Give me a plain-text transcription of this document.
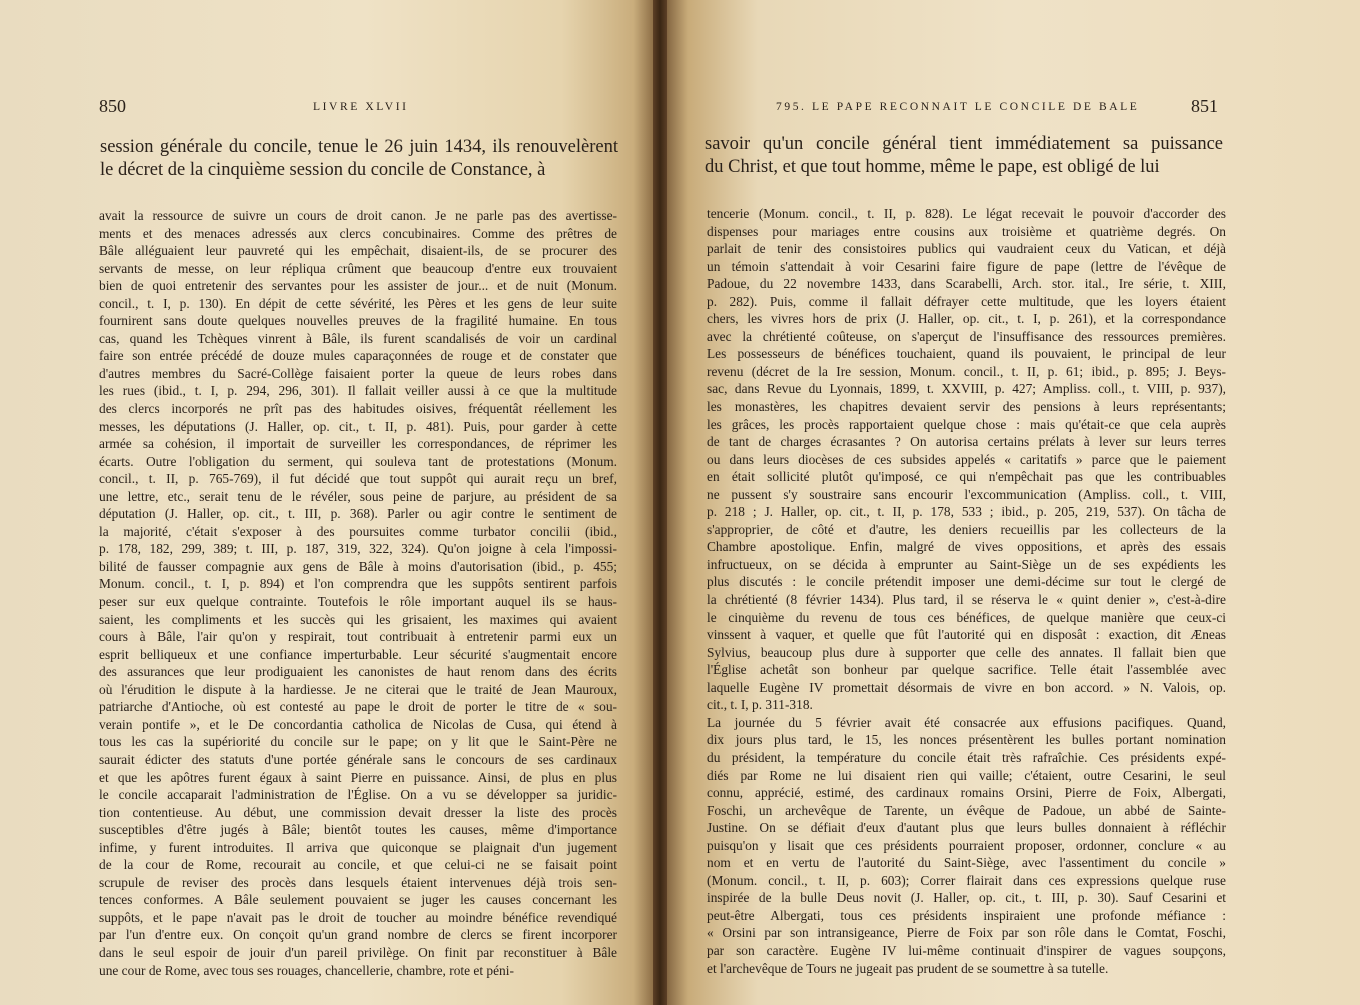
850	LIVRE XLVII
session générale du concile, tenue le 26 juin 1434, ils renouvelèrent
le décret de la cinquième session du concile de Constance, à
avait la ressource de suivre un cours de droit canon. Je ne parle pas des avertisse-
ments et des menaces adressés aux clercs concubinaires. Comme des prêtres de
Bâle alléguaient leur pauvreté qui les empêchait, disaient-ils, de se procurer des
servants de messe, on leur répliqua crûment que beaucoup d'entre eux trouvaient
bien de quoi entretenir des servantes pour les assister de jour... et de nuit (Monum.
concil., t. I, p. 130). En dépit de cette sévérité, les Pères et les gens de leur suite
fournirent sans doute quelques nouvelles preuves de la fragilité humaine. En tous
cas, quand les Tchèques vinrent à Bâle, ils furent scandalisés de voir un cardinal
faire son entrée précédé de douze mules caparaçonnées de rouge et de constater que
d'autres membres du Sacré-Collège faisaient porter la queue de leurs robes dans
les rues (ibid., t. I, p. 294, 296, 301). Il fallait veiller aussi à ce que la multitude
des clercs incorporés ne prît pas des habitudes oisives, fréquentât réellement les
messes, les députations (J. Haller, op. cit., t. II, p. 481). Puis, pour garder à cette
armée sa cohésion, il importait de surveiller les correspondances, de réprimer les
écarts. Outre l'obligation du serment, qui souleva tant de protestations (Monum.
concil., t. II, p. 765-769), il fut décidé que tout suppôt qui aurait reçu un bref,
une lettre, etc., serait tenu de le révéler, sous peine de parjure, au président de sa
députation (J. Haller, op. cit., t. III, p. 368). Parler ou agir contre le sentiment de
la majorité, c'était s'exposer à des poursuites comme turbator concilii (ibid.,
p. 178, 182, 299, 389; t. III, p. 187, 319, 322, 324). Qu'on joigne à cela l'impossi-
bilité de fausser compagnie aux gens de Bâle à moins d'autorisation (ibid., p. 455;
Monum. concil., t. I, p. 894) et l'on comprendra que les suppôts sentirent parfois
peser sur eux quelque contrainte. Toutefois le rôle important auquel ils se haus-
saient, les compliments et les succès qui les grisaient, les maximes qui avaient
cours à Bâle, l'air qu'on y respirait, tout contribuait à entretenir parmi eux un
esprit belliqueux et une confiance imperturbable. Leur sécurité s'augmentait encore
des assurances que leur prodiguaient les canonistes de haut renom dans des écrits
où l'érudition le dispute à la hardiesse. Je ne citerai que le traité de Jean Mauroux,
patriarche d'Antioche, où est contesté au pape le droit de porter le titre de « sou-
verain pontife », et le De concordantia catholica de Nicolas de Cusa, qui étend à
tous les cas la supériorité du concile sur le pape; on y lit que le Saint-Père ne
saurait édicter des statuts d'une portée générale sans le concours de ses cardinaux
et que les apôtres furent égaux à saint Pierre en puissance. Ainsi, de plus en plus
le concile accaparait l'administration de l'Église. On a vu se développer sa juridic-
tion contentieuse. Au début, une commission devait dresser la liste des procès
susceptibles d'être jugés à Bâle; bientôt toutes les causes, même d'importance
infime, y furent introduites. Il arriva que quiconque se plaignait d'un jugement
de la cour de Rome, recourait au concile, et que celui-ci ne se faisait point
scrupule de reviser des procès dans lesquels étaient intervenues déjà trois sen-
tences conformes. A Bâle seulement pouvaient se juger les causes concernant les
suppôts, et le pape n'avait pas le droit de toucher au moindre bénéfice revendiqué
par l'un d'entre eux. On conçoit qu'un grand nombre de clercs se firent incorporer
dans le seul espoir de jouir d'un pareil privilège. On finit par reconstituer à Bâle
une cour de Rome, avec tous ses rouages, chancellerie, chambre, rote et péni-
795. LE PAPE RECONNAIT LE CONCILE DE BALE	851
savoir qu'un concile général tient immédiatement sa puissance
du Christ, et que tout homme, même le pape, est obligé de lui
tencerie (Monum. concil., t. II, p. 828). Le légat recevait le pouvoir d'accorder des
dispenses pour mariages entre cousins aux troisième et quatrième degrés. On
parlait de tenir des consistoires publics qui vaudraient ceux du Vatican, et déjà
un témoin s'attendait à voir Cesarini faire figure de pape (lettre de l'évêque de
Padoue, du 22 novembre 1433, dans Scarabelli, Arch. stor. ital., Ire série, t. XIII,
p. 282). Puis, comme il fallait défrayer cette multitude, que les loyers étaient
chers, les vivres hors de prix (J. Haller, op. cit., t. I, p. 261), et la correspondance
avec la chrétienté coûteuse, on s'aperçut de l'insuffisance des ressources premières.
Les possesseurs de bénéfices touchaient, quand ils pouvaient, le principal de leur
revenu (décret de la Ire session, Monum. concil., t. II, p. 61; ibid., p. 895; J. Beys-
sac, dans Revue du Lyonnais, 1899, t. XXVIII, p. 427; Ampliss. coll., t. VIII, p. 937),
les monastères, les chapitres devaient servir des pensions à leurs représentants;
les grâces, les procès rapportaient quelque chose : mais qu'était-ce que cela auprès
de tant de charges écrasantes ? On autorisa certains prélats à lever sur leurs terres
ou dans leurs diocèses de ces subsides appelés « caritatifs » parce que le paiement
en était sollicité plutôt qu'imposé, ce qui n'empêchait pas que les contribuables
ne pussent s'y soustraire sans encourir l'excommunication (Ampliss. coll., t. VIII,
p. 218 ; J. Haller, op. cit., t. II, p. 178, 533 ; ibid., p. 205, 219, 537). On tâcha de
s'approprier, de côté et d'autre, les deniers recueillis par les collecteurs de la
Chambre apostolique. Enfin, malgré de vives oppositions, et après des essais
infructueux, on se décida à emprunter au Saint-Siège un de ses expédients les
plus discutés : le concile prétendit imposer une demi-décime sur tout le clergé de
la chrétienté (8 février 1434). Plus tard, il se réserva le « quint denier », c'est-à-dire
le cinquième du revenu de tous ces bénéfices, de quelque manière que ceux-ci
vinssent à vaquer, et quelle que fût l'autorité qui en disposât : exaction, dit Æneas
Sylvius, beaucoup plus dure à supporter que celle des annates. Il fallait bien que
l'Église achetât son bonheur par quelque sacrifice. Telle était l'assemblée avec
laquelle Eugène IV promettait désormais de vivre en bon accord. » N. Valois, op.
cit., t. I, p. 311-318.
La journée du 5 février avait été consacrée aux effusions pacifiques. Quand,
dix jours plus tard, le 15, les nonces présentèrent les bulles portant nomination
du président, la température du concile était très rafraîchie. Ces présidents expé-
diés par Rome ne lui disaient rien qui vaille; c'étaient, outre Cesarini, le seul
connu, apprécié, estimé, des cardinaux romains Orsini, Pierre de Foix, Albergati,
Foschi, un archevêque de Tarente, un évêque de Padoue, un abbé de Sainte-
Justine. On se défiait d'eux d'autant plus que leurs bulles donnaient à réfléchir
puisqu'on y lisait que ces présidents pourraient proposer, ordonner, conclure « au
nom et en vertu de l'autorité du Saint-Siège, avec l'assentiment du concile »
(Monum. concil., t. II, p. 603); Correr flairait dans ces expressions quelque ruse
inspirée de la bulle Deus novit (J. Haller, op. cit., t. III, p. 30). Sauf Cesarini et
peut-être Albergati, tous ces présidents inspiraient une profonde méfiance :
« Orsini par son intransigeance, Pierre de Foix par son rôle dans le Comtat, Foschi,
par son caractère. Eugène IV lui-même continuait d'inspirer de vagues soupçons,
et l'archevêque de Tours ne jugeait pas prudent de se soumettre à sa tutelle.
